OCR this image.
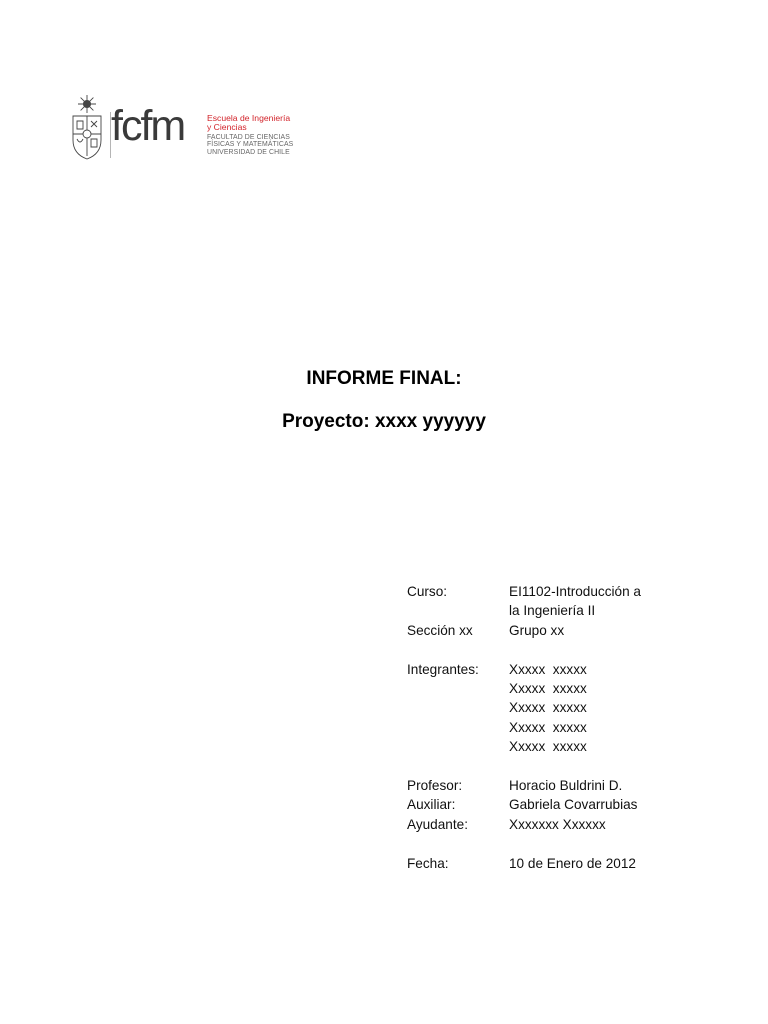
fcfm	Escuela de Ingeniería
y Ciencias
FACULTAD DE CIENCIAS
FÍSICAS Y MATEMÁTICAS
UNIVERSIDAD DE CHILE
INFORME FINAL:
Proyecto: xxxx yyyyyy
Curso:	EI1102-Introducción a
la Ingeniería II
Sección xx	Grupo xx
Integrantes:	Xxxxx  xxxxx
Xxxxx  xxxxx
Xxxxx  xxxxx
Xxxxx  xxxxx
Xxxxx  xxxxx
Profesor:	Horacio Buldrini D.
Auxiliar:	Gabriela Covarrubias
Ayudante:	Xxxxxxx Xxxxxx
Fecha:	10 de Enero de 2012
